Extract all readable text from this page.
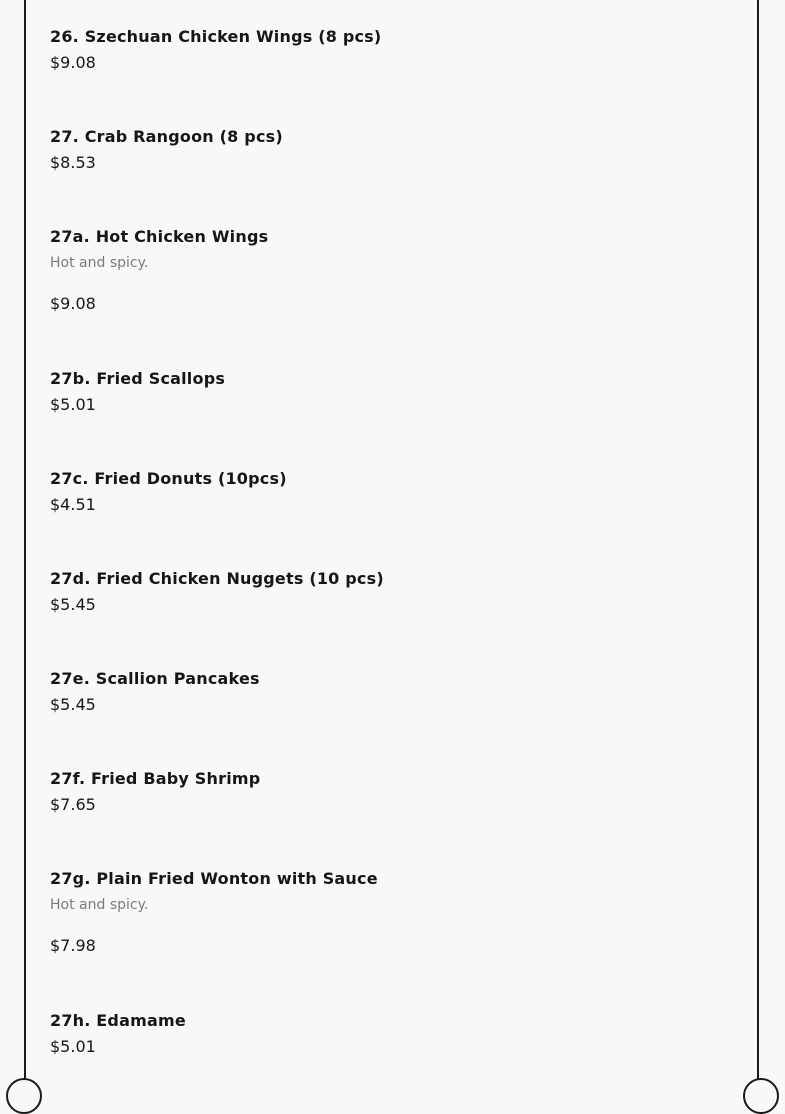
26. Szechuan Chicken Wings (8 pcs)
$9.08
27. Crab Rangoon (8 pcs)
$8.53
27a. Hot Chicken Wings
Hot and spicy.
$9.08
27b. Fried Scallops
$5.01
27c. Fried Donuts (10pcs)
$4.51
27d. Fried Chicken Nuggets (10 pcs)
$5.45
27e. Scallion Pancakes
$5.45
27f. Fried Baby Shrimp
$7.65
27g. Plain Fried Wonton with Sauce
Hot and spicy.
$7.98
27h. Edamame
$5.01
